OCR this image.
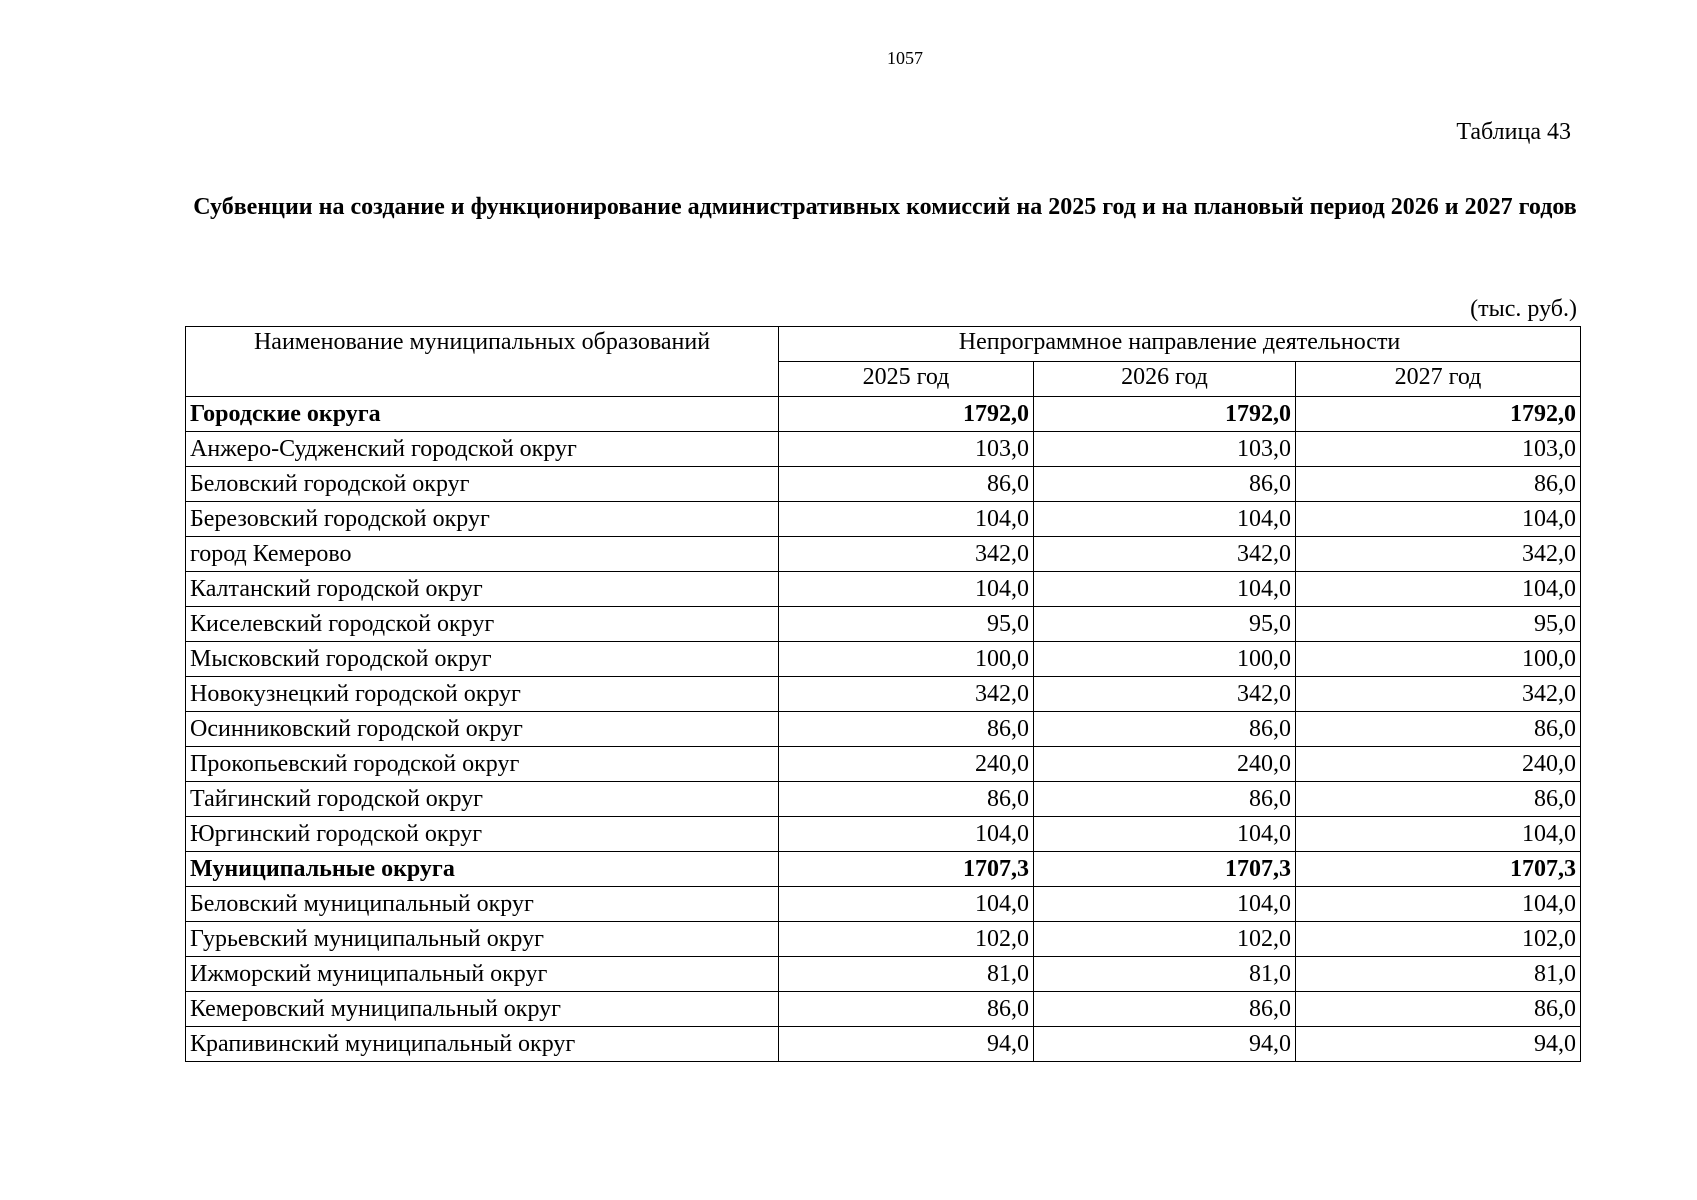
1057
Таблица 43
Субвенции на создание и функционирование административных комиссий на 2025 год и на плановый период 2026 и 2027 годов
(тыс. руб.)
Наименование муниципальных образований	Непрограммное направление деятельности		
	2025 год	2026 год	2027 год
Городские округа	1792,0	1792,0	1792,0
Анжеро-Судженский городской округ	103,0	103,0	103,0
Беловский городской округ	86,0	86,0	86,0
Березовский городской округ	104,0	104,0	104,0
город Кемерово	342,0	342,0	342,0
Калтанский городской округ	104,0	104,0	104,0
Киселевский городской округ	95,0	95,0	95,0
Мысковский городской округ	100,0	100,0	100,0
Новокузнецкий городской округ	342,0	342,0	342,0
Осинниковский городской округ	86,0	86,0	86,0
Прокопьевский городской округ	240,0	240,0	240,0
Тайгинский городской округ	86,0	86,0	86,0
Юргинский городской округ	104,0	104,0	104,0
Муниципальные округа	1707,3	1707,3	1707,3
Беловский муниципальный округ	104,0	104,0	104,0
Гурьевский муниципальный округ	102,0	102,0	102,0
Ижморский муниципальный округ	81,0	81,0	81,0
Кемеровский муниципальный округ	86,0	86,0	86,0
Крапивинский муниципальный округ	94,0	94,0	94,0
